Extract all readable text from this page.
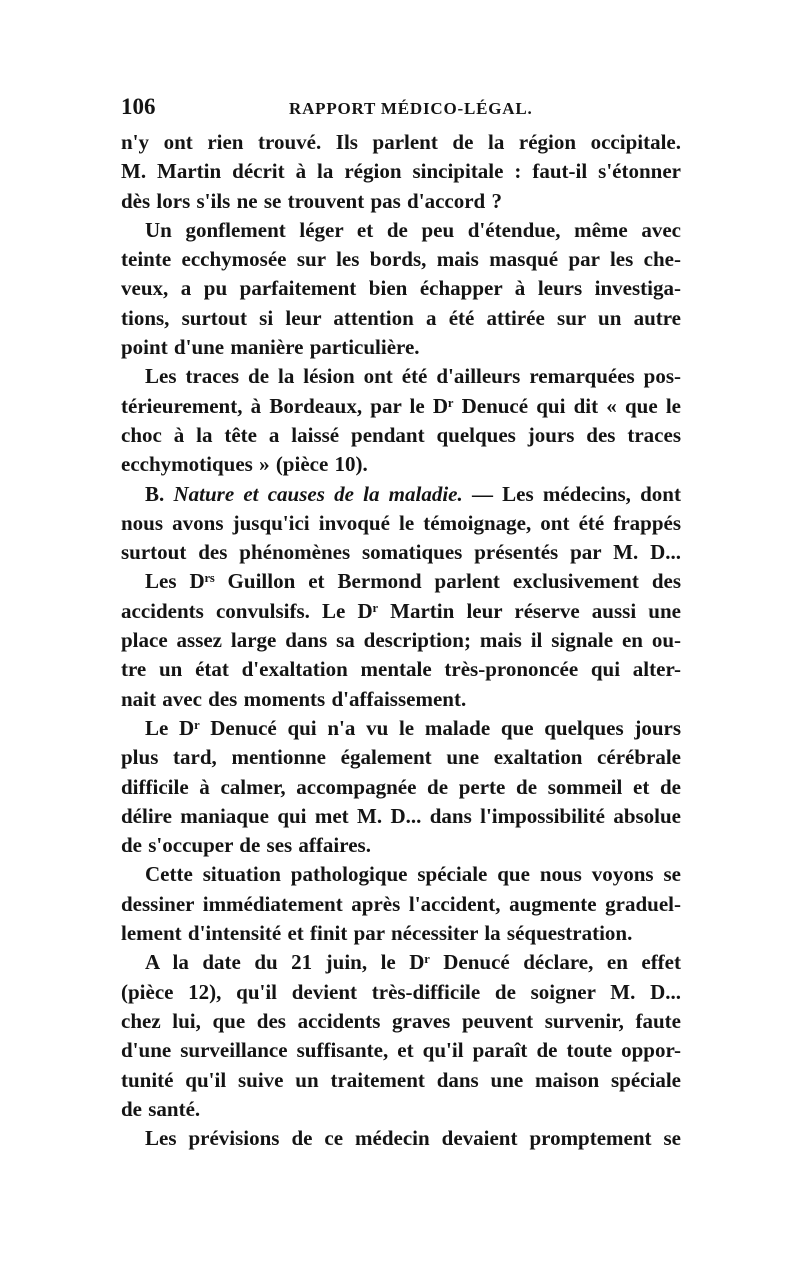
106	RAPPORT MÉDICO-LÉGAL.
n'y ont rien trouvé. Ils parlent de la région occipitale.
M. Martin décrit à la région sincipitale : faut-il s'étonner
dès lors s'ils ne se trouvent pas d'accord ?
Un gonflement léger et de peu d'étendue, même avec
teinte ecchymosée sur les bords, mais masqué par les che-
veux, a pu parfaitement bien échapper à leurs investiga-
tions, surtout si leur attention a été attirée sur un autre
point d'une manière particulière.
Les traces de la lésion ont été d'ailleurs remarquées pos-
térieurement, à Bordeaux, par le Dʳ Denucé qui dit « que le
choc à la tête a laissé pendant quelques jours des traces
ecchymotiques » (pièce 10).
B. Nature et causes de la maladie. — Les médecins, dont
nous avons jusqu'ici invoqué le témoignage, ont été frappés
surtout des phénomènes somatiques présentés par M. D...
Les Dʳˢ Guillon et Bermond parlent exclusivement des
accidents convulsifs. Le Dʳ Martin leur réserve aussi une
place assez large dans sa description; mais il signale en ou-
tre un état d'exaltation mentale très-prononcée qui alter-
nait avec des moments d'affaissement.
Le Dʳ Denucé qui n'a vu le malade que quelques jours
plus tard, mentionne également une exaltation cérébrale
difficile à calmer, accompagnée de perte de sommeil et de
délire maniaque qui met M. D... dans l'impossibilité absolue
de s'occuper de ses affaires.
Cette situation pathologique spéciale que nous voyons se
dessiner immédiatement après l'accident, augmente graduel-
lement d'intensité et finit par nécessiter la séquestration.
A la date du 21 juin, le Dʳ Denucé déclare, en effet
(pièce 12), qu'il devient très-difficile de soigner M. D...
chez lui, que des accidents graves peuvent survenir, faute
d'une surveillance suffisante, et qu'il paraît de toute oppor-
tunité qu'il suive un traitement dans une maison spéciale
de santé.
Les prévisions de ce médecin devaient promptement se
